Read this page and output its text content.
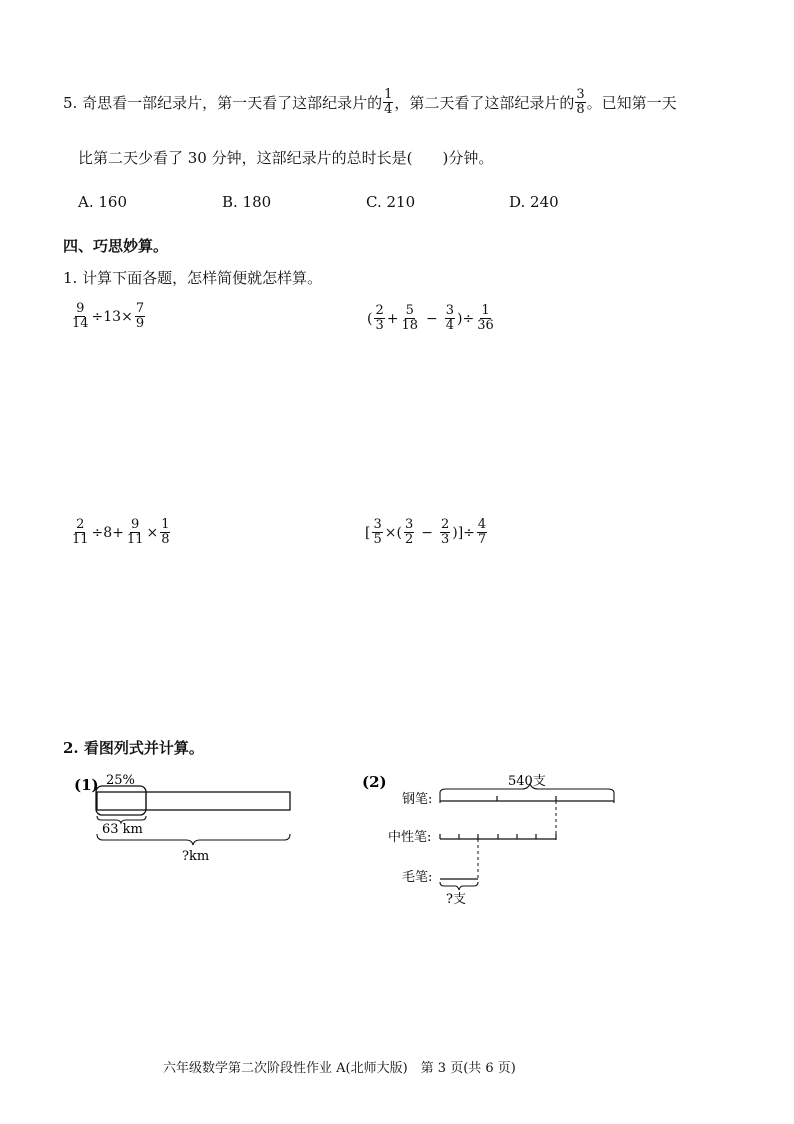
5. 奇思看一部纪录片，第一天看了这部纪录片的 $\frac{1}{4}$ ，第二天看了这部纪录片的 $\frac{3}{8}$ 。已知第一天
比第二天少看了 30 分钟，这部纪录片的总时长是(　　)分钟。
A. 160	B. 180	C. 210	D. 240
四、巧思妙算。
1. 计算下面各题，怎样简便就怎样算。
$\frac{9}{14} \div 13\times \frac{7}{9}$	( $\frac{2}{3} + \frac{5}{18} - \frac{3}{4}$ )÷ $\frac{1}{36}$
$\frac{2}{11} \div 8+ \frac{9}{11} \times \frac{1}{8}$	[ $\frac{3}{5}$ ×( $\frac{3}{2} - \frac{2}{3}$ )]÷ $\frac{4}{7}$
2. 看图列式并计算。
(1) 25%
63 km
?km
(2)	540支
钢笔:
中性笔:
毛笔:
?支
六年级数学第二次阶段性作业 A(北师大版)　第 3 页(共 6 页)
